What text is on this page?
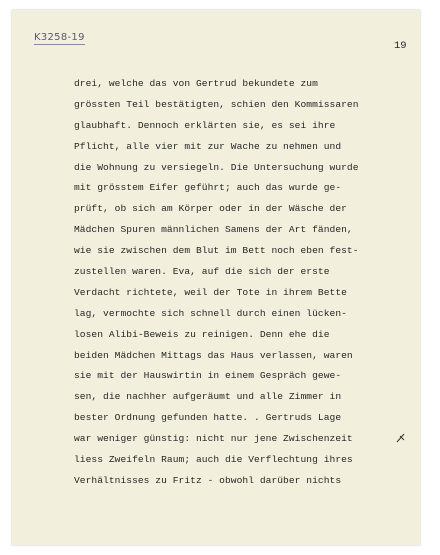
K3258-19
19
drei, welche das von Gertrud bekundete zum
grössten Teil bestätigten, schien den Kommissaren
glaubhaft. Dennoch erklärten sie, es sei ihre
Pflicht, alle vier mit zur Wache zu nehmen und
die Wohnung zu versiegeln. Die Untersuchung wurde
mit grösstem Eifer geführt; auch das wurde ge-
prüft, ob sich am Körper oder in der Wäsche der
Mädchen Spuren männlichen Samens der Art fänden,
wie sie zwischen dem Blut im Bett noch eben fest-
zustellen waren. Eva, auf die sich der erste
Verdacht richtete, weil der Tote in ihrem Bette
lag, vermochte sich schnell durch einen lücken-
losen Alibi-Beweis zu reinigen. Denn ehe die
beiden Mädchen Mittags das Haus verlassen, waren
sie mit der Hauswirtin in einem Gespräch gewe-
sen, die nachher aufgeräumt und alle Zimmer in
bester Ordnung gefunden hatte. . Gertruds Lage
war weniger günstig: nicht nur jene Zwischenzeit
liess Zweifeln Raum; auch die Verflechtung ihres
Verhältnisses zu Fritz - obwohl darüber nichts
